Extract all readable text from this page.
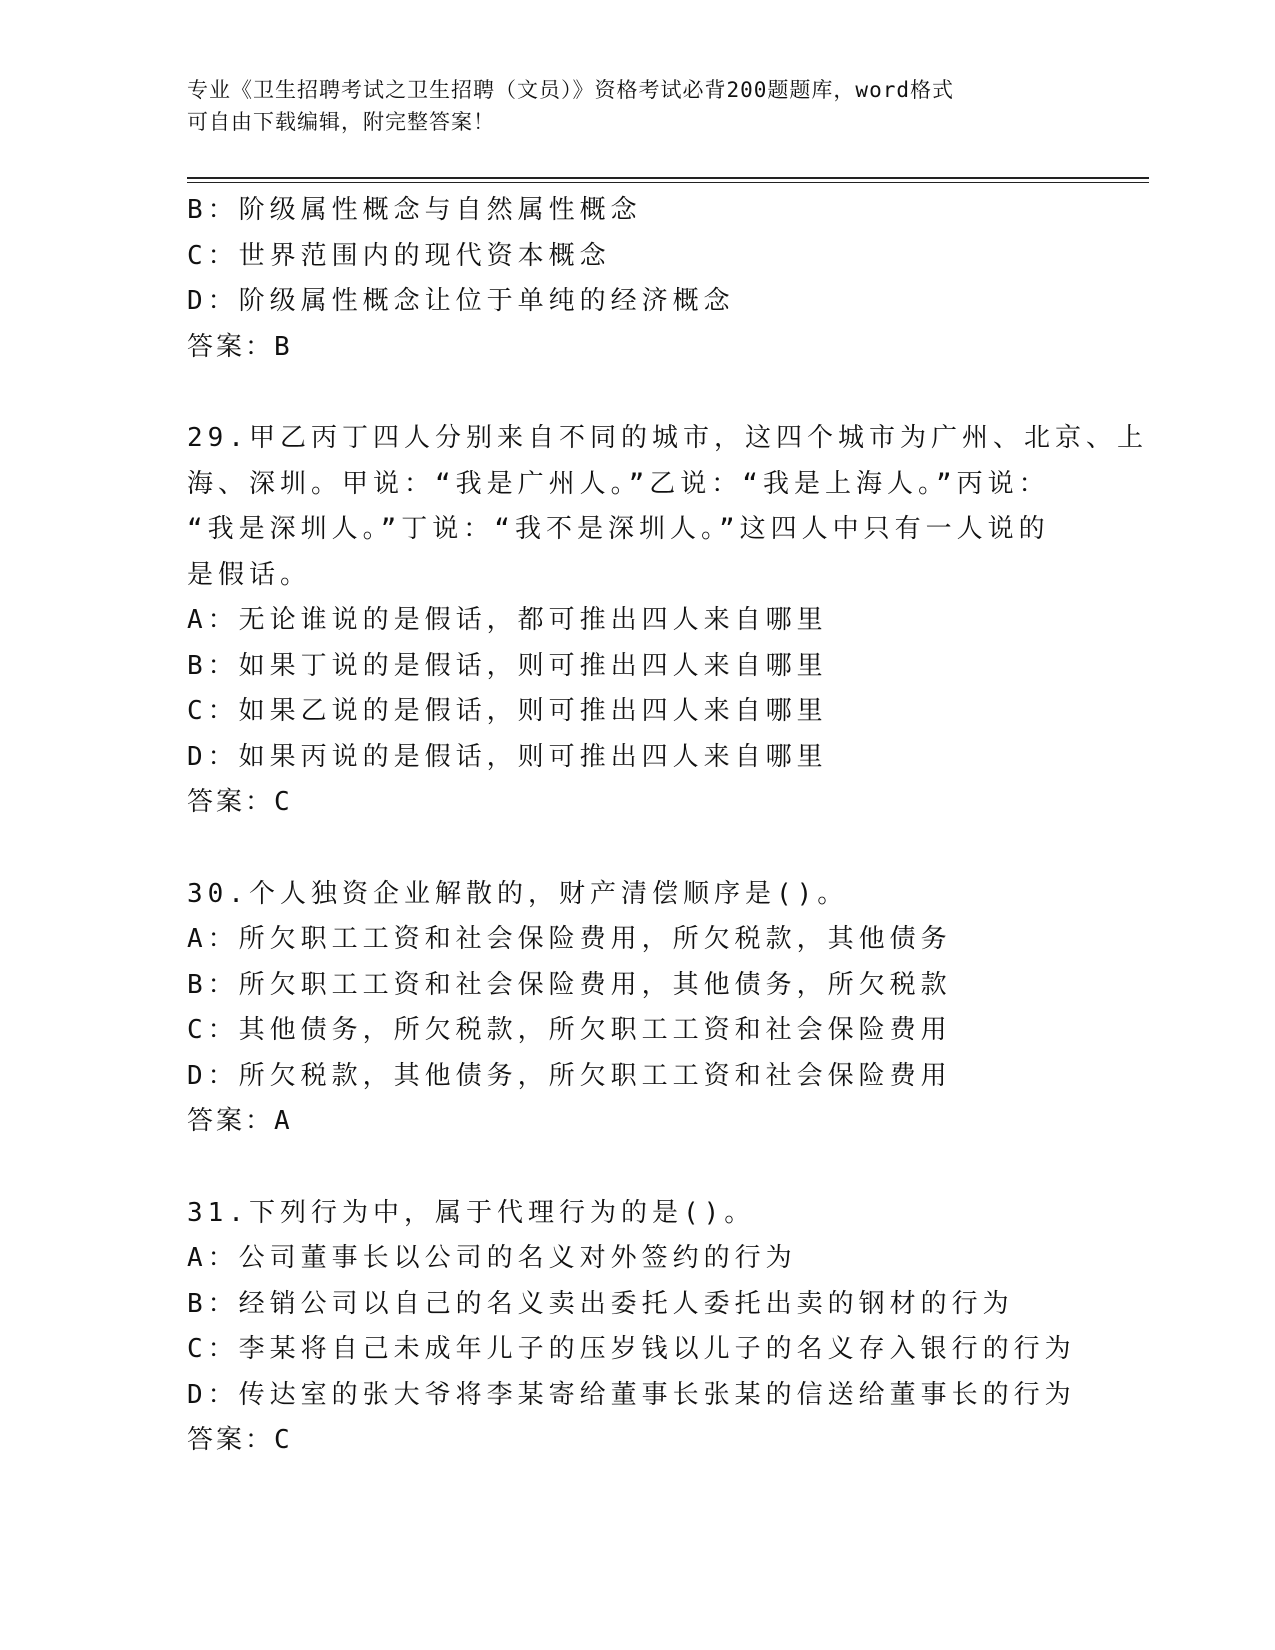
专业《卫生招聘考试之卫生招聘（文员）》资格考试必背200题题库，word格式
可自由下载编辑，附完整答案！
B：阶级属性概念与自然属性概念
C：世界范围内的现代资本概念
D：阶级属性概念让位于单纯的经济概念
答案：B
29.甲乙丙丁四人分别来自不同的城市，这四个城市为广州、北京、上
海、深圳。甲说：“我是广州人。”乙说：“我是上海人。”丙说：
“我是深圳人。”丁说：“我不是深圳人。”这四人中只有一人说的
是假话。
A：无论谁说的是假话，都可推出四人来自哪里
B：如果丁说的是假话，则可推出四人来自哪里
C：如果乙说的是假话，则可推出四人来自哪里
D：如果丙说的是假话，则可推出四人来自哪里
答案：C
30.个人独资企业解散的，财产清偿顺序是()。
A：所欠职工工资和社会保险费用，所欠税款，其他债务
B：所欠职工工资和社会保险费用，其他债务，所欠税款
C：其他债务，所欠税款，所欠职工工资和社会保险费用
D：所欠税款，其他债务，所欠职工工资和社会保险费用
答案：A
31.下列行为中，属于代理行为的是()。
A：公司董事长以公司的名义对外签约的行为
B：经销公司以自己的名义卖出委托人委托出卖的钢材的行为
C：李某将自己未成年儿子的压岁钱以儿子的名义存入银行的行为
D：传达室的张大爷将李某寄给董事长张某的信送给董事长的行为
答案：C
